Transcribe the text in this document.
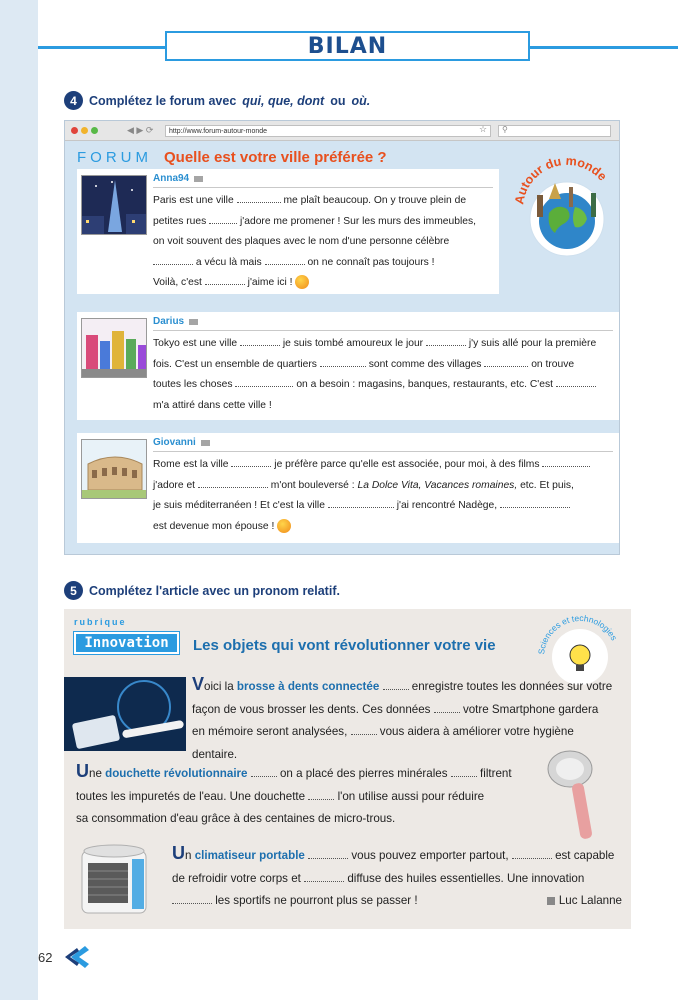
BILAN
4 Complétez le forum avec qui, que, dont ou où.
◀ ▶ ⟳	http://www.forum-autour-monde	☆ ⚲
FORUM Quelle est votre ville préférée ?
Autour du monde
Anna94
Paris est une ville	me plaît beaucoup. On y trouve plein de
petites rues	j'adore me promener ! Sur les murs des immeubles,
on voit souvent des plaques avec le nom d'une personne célèbre
a vécu là mais	on ne connaît pas toujours !
Voilà, c'est	j'aime ici !
Darius
Tokyo est une ville	je suis tombé amoureux le jour	j'y suis allé pour la première
fois. C'est un ensemble de quartiers	sont comme des villages	on trouve
toutes les choses	on a besoin : magasins, banques, restaurants, etc. C'est
m'a attiré dans cette ville !
Giovanni
Rome est la ville	je préfère parce qu'elle est associée, pour moi, à des films
j'adore et	m'ont bouleversé : La Dolce Vita, Vacances romaines, etc. Et puis,
je suis méditerranéen ! Et c'est la ville	j'ai rencontré Nadège,
est devenue mon épouse !
5 Complétez l'article avec un pronom relatif.
rubrique
Innovation Les objets qui vont révolutionner votre vie	Sciences et technologies
Voici la brosse à dents connectée	enregistre toutes les données sur votre
façon de vous brosser les dents. Ces données	votre Smartphone gardera
en mémoire seront analysées,	vous aidera à améliorer votre hygiène dentaire.
Une douchette révolutionnaire	on a placé des pierres minérales	filtrent
toutes les impuretés de l'eau. Une douchette	l'on utilise aussi pour réduire
sa consommation d'eau grâce à des centaines de micro-trous.
Un climatiseur portable	vous pouvez emporter partout,	est capable
de refroidir votre corps et	diffuse des huiles essentielles. Une innovation
les sportifs ne pourront plus se passer !	Luc Lalanne
62
